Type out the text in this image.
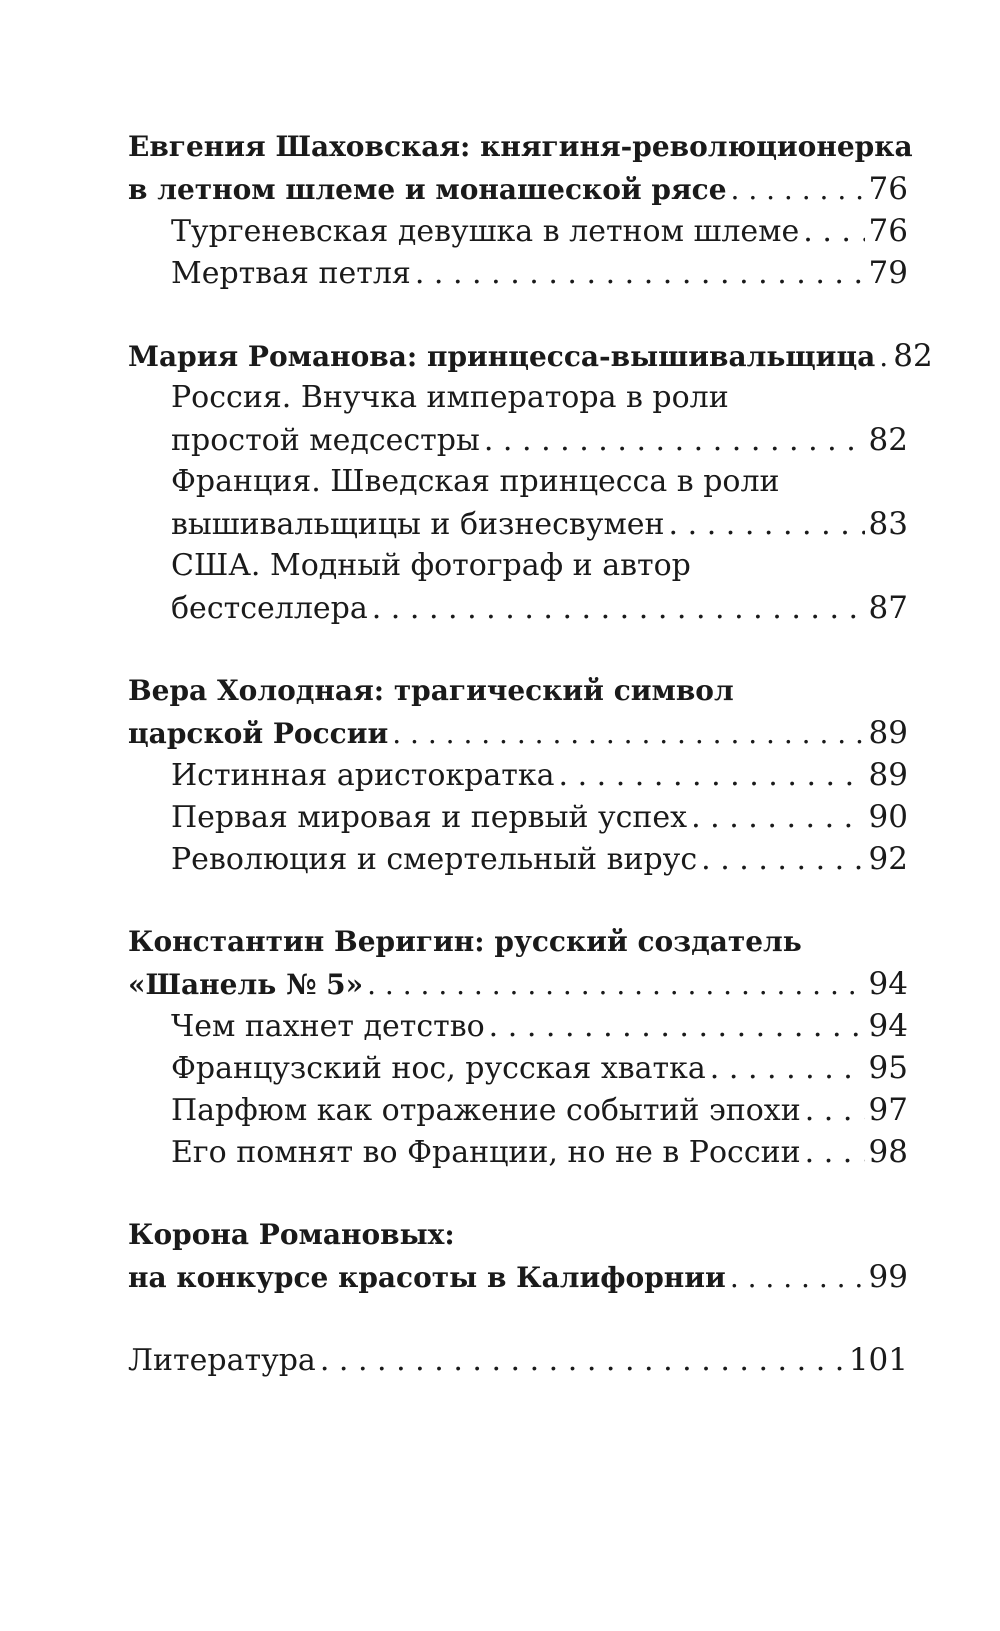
Евгения Шаховская: княгиня-революционерка
в летном шлеме и монашеской рясе . . .	76
Тургеневская девушка в летном шлеме . . . 76
Мертвая петля . . .	79
Мария Романова: принцесса-вышивальщица . . . 82
Россия. Внучка императора в роли
простой медсестры . . .	82
Франция. Шведская принцесса в роли
вышивальщицы и бизнесвумен . . .	83
США. Модный фотограф и автор
бестселлера . . .	87
Вера Холодная: трагический символ
царской России . . .	89
Истинная аристократка . . .	89
Первая мировая и первый успех . . .	90
Революция и смертельный вирус . . .	92
Константин Веригин: русский создатель
«Шанель № 5» . . .	94
Чем пахнет детство . . .	94
Французский нос, русская хватка . . .	95
Парфюм как отражение событий эпохи . . . 97
Его помнят во Франции, но не в России . . . 98
Корона Романовых:
на конкурсе красоты в Калифорнии . . .	99
Литература . . .	101
